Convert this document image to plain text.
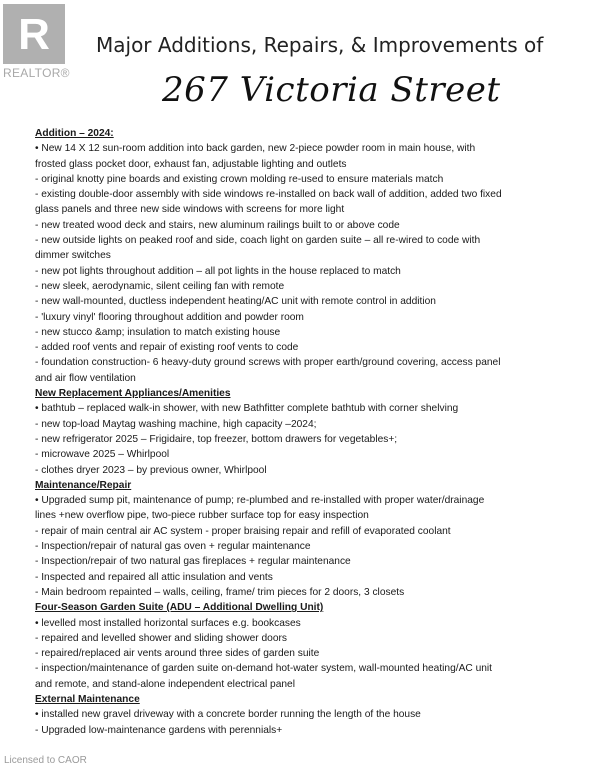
R
REALTOR®
Major Additions, Repairs, & Improvements of
267 Victoria Street
Addition – 2024:
• New 14 X 12 sun-room addition into back garden, new 2-piece powder room in main house, with
frosted glass pocket door, exhaust fan, adjustable lighting and outlets
- original knotty pine boards and existing crown molding re-used to ensure materials match
- existing double-door assembly with side windows re-installed on back wall of addition, added two fixed
glass panels and three new side windows with screens for more light
- new treated wood deck and stairs, new aluminum railings built to or above code
- new outside lights on peaked roof and side, coach light on garden suite – all re-wired to code with
dimmer switches
- new pot lights throughout addition – all pot lights in the house replaced to match
- new sleek, aerodynamic, silent ceiling fan with remote
- new wall-mounted, ductless independent heating/AC unit with remote control in addition
- 'luxury vinyl' flooring throughout addition and powder room
- new stucco &amp; insulation to match existing house
- added roof vents and repair of existing roof vents to code
- foundation construction- 6 heavy-duty ground screws with proper earth/ground covering, access panel
and air flow ventilation
New Replacement Appliances/Amenities
• bathtub – replaced walk-in shower, with new Bathfitter complete bathtub with corner shelving
- new top-load Maytag washing machine, high capacity –2024;
- new refrigerator 2025 – Frigidaire, top freezer, bottom drawers for vegetables+;
- microwave 2025 – Whirlpool
- clothes dryer 2023 – by previous owner, Whirlpool
Maintenance/Repair
• Upgraded sump pit, maintenance of pump; re-plumbed and re-installed with proper water/drainage
lines +new overflow pipe, two-piece rubber surface top for easy inspection
- repair of main central air AC system - proper braising repair and refill of evaporated coolant
- Inspection/repair of natural gas oven + regular maintenance
- Inspection/repair of two natural gas fireplaces + regular maintenance
- Inspected and repaired all attic insulation and vents
- Main bedroom repainted – walls, ceiling, frame/ trim pieces for 2 doors, 3 closets
Four-Season Garden Suite (ADU – Additional Dwelling Unit)
• levelled most installed horizontal surfaces e.g. bookcases
- repaired and levelled shower and sliding shower doors
- repaired/replaced air vents around three sides of garden suite
- inspection/maintenance of garden suite on-demand hot-water system, wall-mounted heating/AC unit
and remote, and stand-alone independent electrical panel
External Maintenance
• installed new gravel driveway with a concrete border running the length of the house
- Upgraded low-maintenance gardens with perennials+
Licensed to CAOR
